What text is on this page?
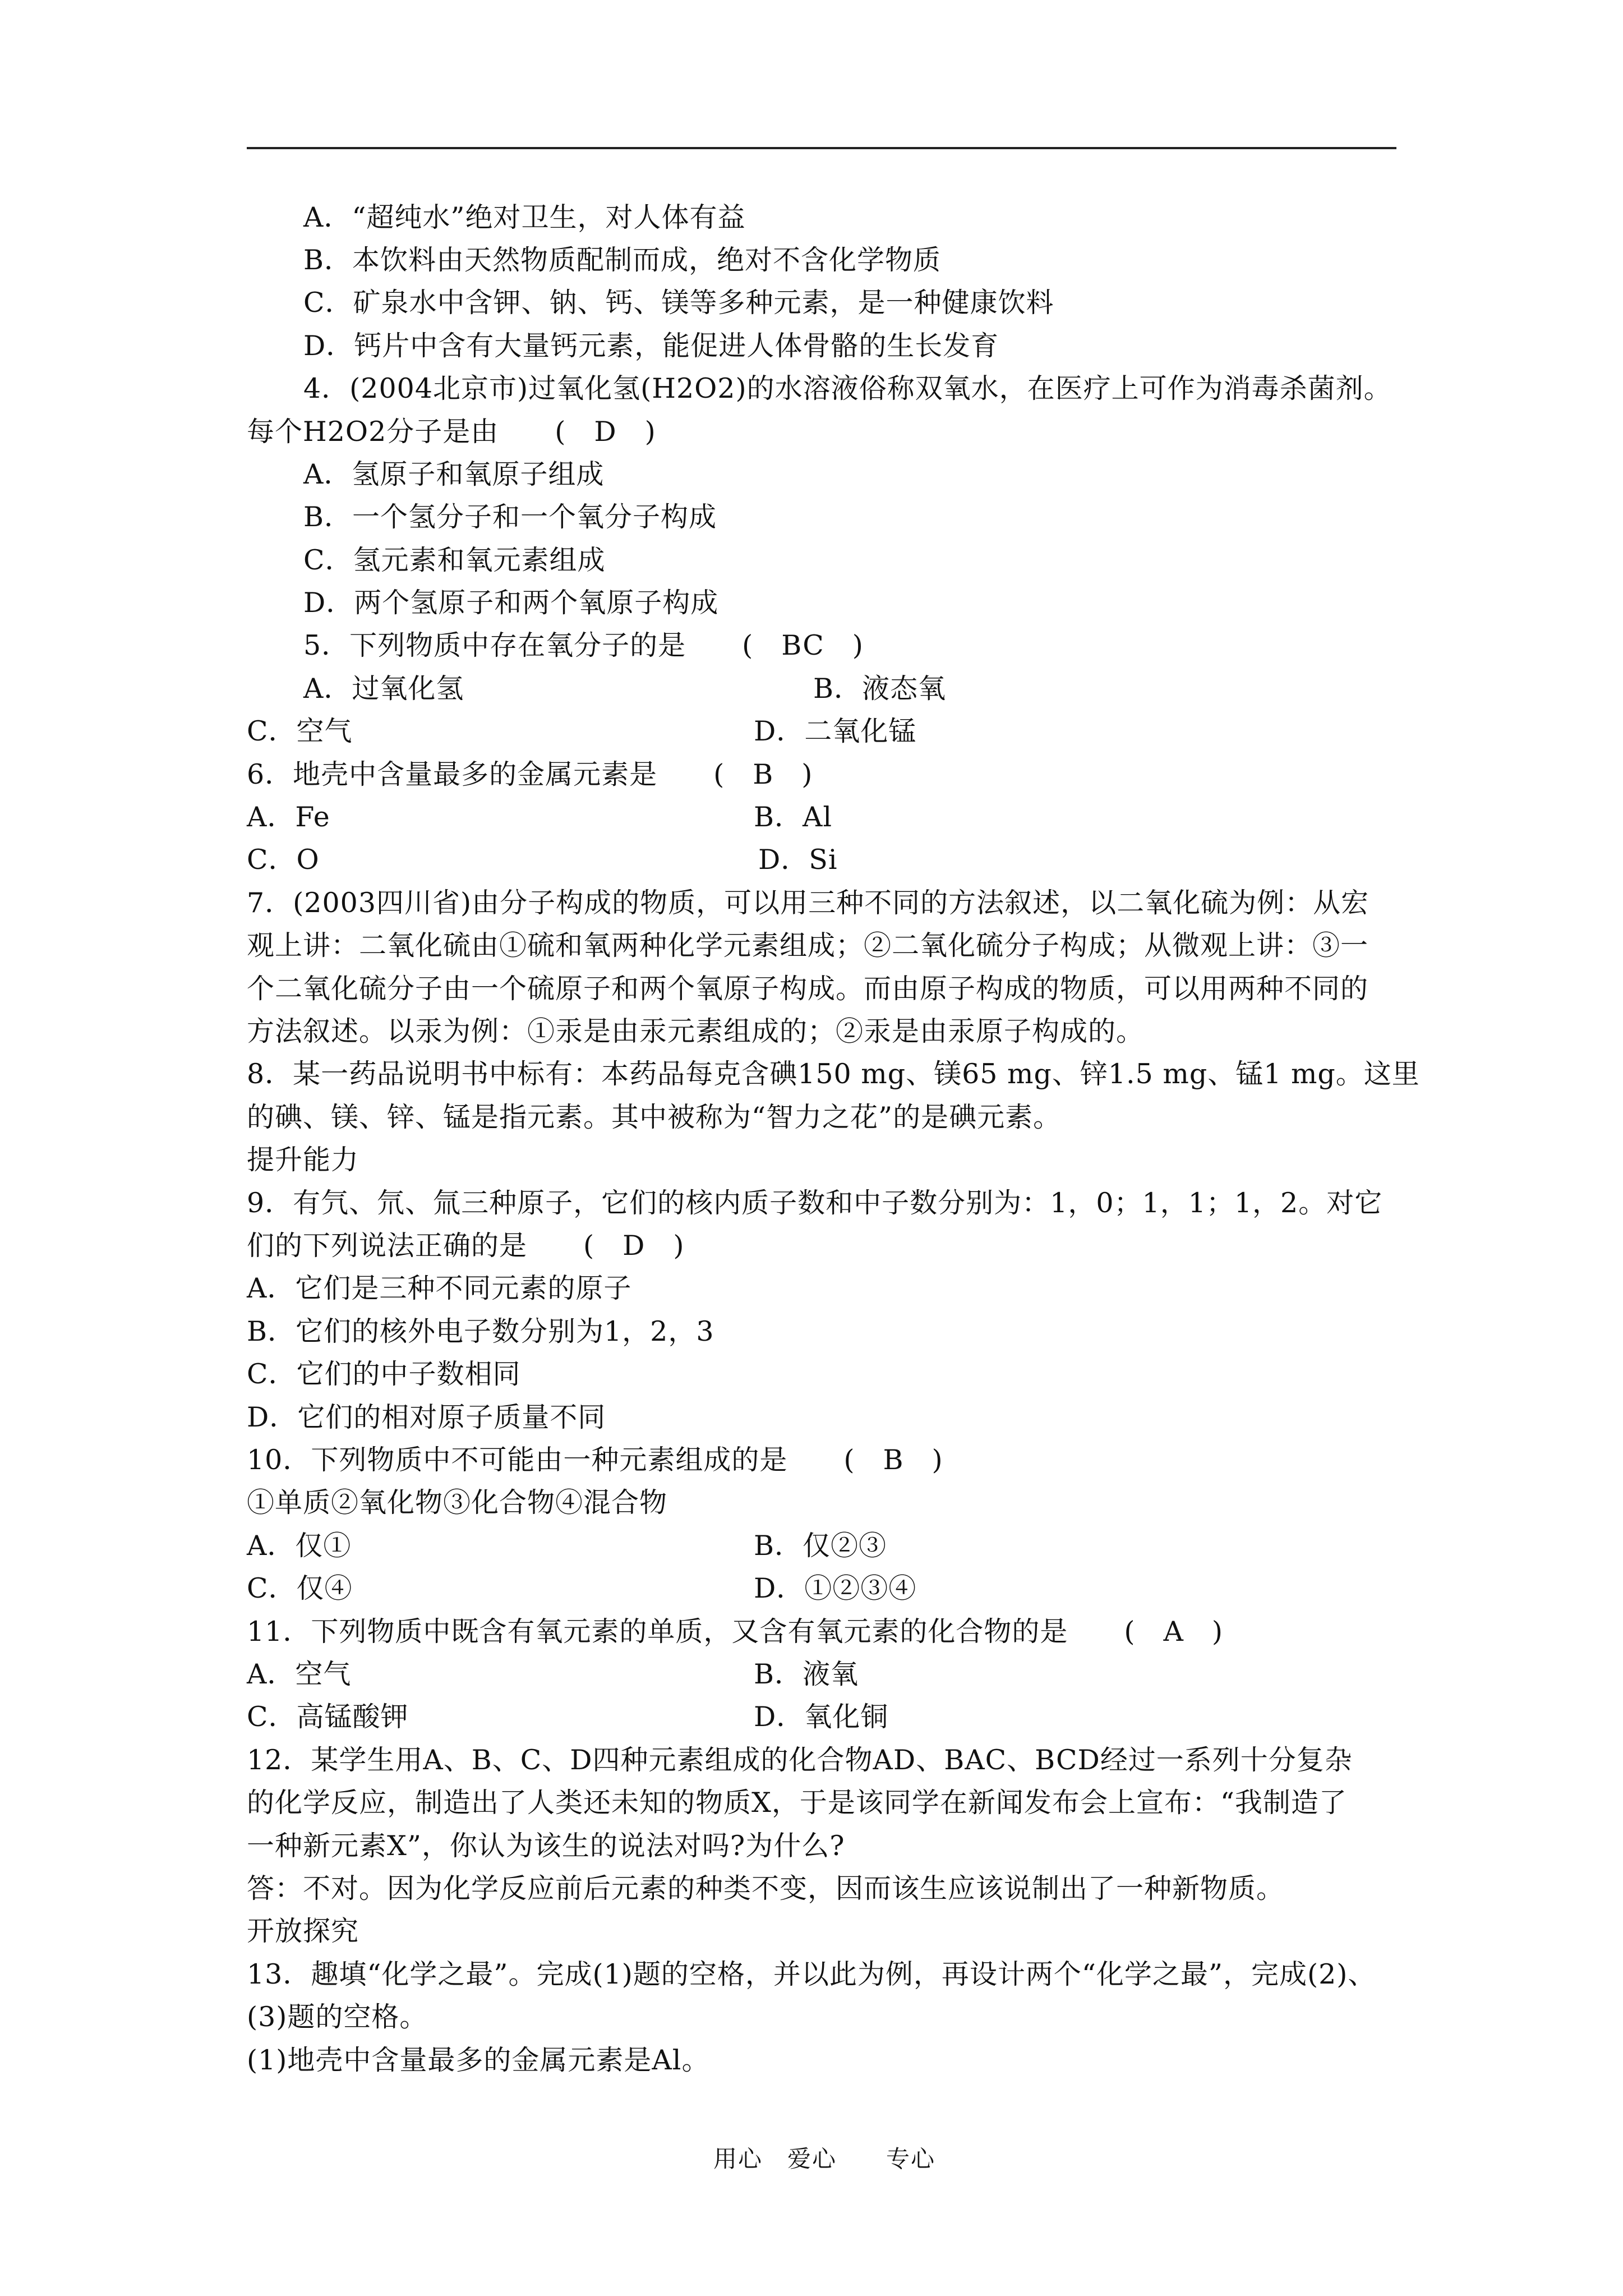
A．“超纯水”绝对卫生，对人体有益
B．本饮料由天然物质配制而成，绝对不含化学物质
C．矿泉水中含钾、钠、钙、镁等多种元素，是一种健康饮料
D．钙片中含有大量钙元素，能促进人体骨骼的生长发育
4．(2004北京市)过氧化氢(H2O2)的水溶液俗称双氧水，在医疗上可作为消毒杀菌剂。
每个H2O2分子是由　　(　D　)
A．氢原子和氧原子组成
B．一个氢分子和一个氧分子构成
C．氢元素和氧元素组成
D．两个氢原子和两个氧原子构成
5．下列物质中存在氧分子的是　　(　BC　)
A．过氧化氢	B．液态氧
C．空气	D．二氧化锰
6．地壳中含量最多的金属元素是　　(　B　)
A．Fe	B．Al
C．O	D．Si
7．(2003四川省)由分子构成的物质，可以用三种不同的方法叙述，以二氧化硫为例：从宏
观上讲：二氧化硫由①硫和氧两种化学元素组成；②二氧化硫分子构成；从微观上讲：③一
个二氧化硫分子由一个硫原子和两个氧原子构成。而由原子构成的物质，可以用两种不同的
方法叙述。以汞为例：①汞是由汞元素组成的；②汞是由汞原子构成的。
8．某一药品说明书中标有：本药品每克含碘150 mg、镁65 mg、锌1.5 mg、锰1 mg。这里
的碘、镁、锌、锰是指元素。其中被称为“智力之花”的是碘元素。
提升能力
9．有氕、氘、氚三种原子，它们的核内质子数和中子数分别为：1，0；1，1；1，2。对它
们的下列说法正确的是　　(　D　)
A．它们是三种不同元素的原子
B．它们的核外电子数分别为1，2，3
C．它们的中子数相同
D．它们的相对原子质量不同
10．下列物质中不可能由一种元素组成的是　　(　B　)
①单质②氧化物③化合物④混合物
A．仅①	B．仅②③
C．仅④	D．①②③④
11．下列物质中既含有氧元素的单质，又含有氧元素的化合物的是　　(　A　)
A．空气	B．液氧
C．高锰酸钾	D．氧化铜
12．某学生用A、B、C、D四种元素组成的化合物AD、BAC、BCD经过一系列十分复杂
的化学反应，制造出了人类还未知的物质X，于是该同学在新闻发布会上宣布：“我制造了
一种新元素X”，你认为该生的说法对吗?为什么?
答：不对。因为化学反应前后元素的种类不变，因而该生应该说制出了一种新物质。
开放探究
13．趣填“化学之最”。完成(1)题的空格，并以此为例，再设计两个“化学之最”，完成(2)、
(3)题的空格。
(1)地壳中含量最多的金属元素是Al。
用心　爱心　　专心
